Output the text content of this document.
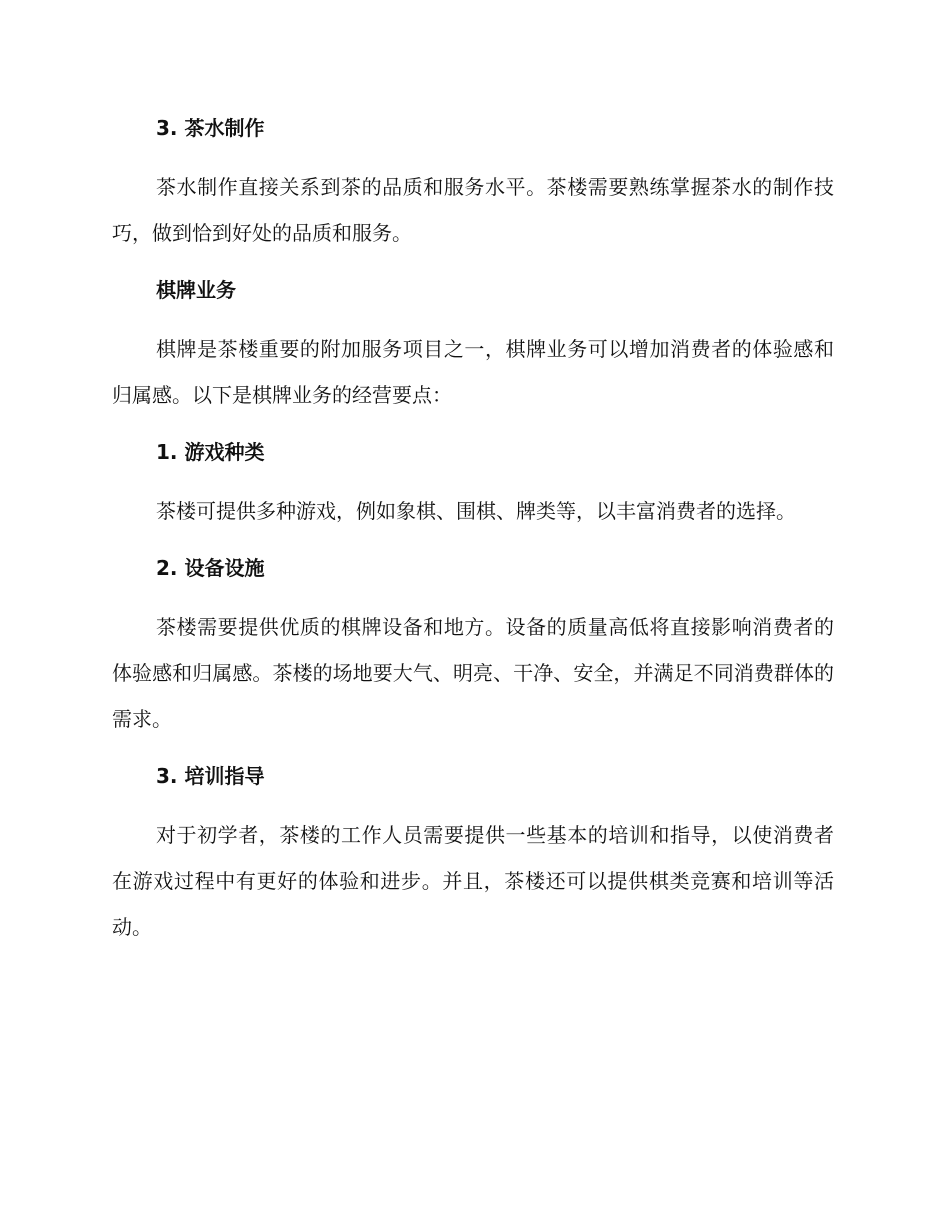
3. 茶水制作

茶水制作直接关系到茶的品质和服务水平。茶楼需要熟练掌握茶水的制作技巧，做到恰到好处的品质和服务。

棋牌业务

棋牌是茶楼重要的附加服务项目之一，棋牌业务可以增加消费者的体验感和归属感。以下是棋牌业务的经营要点：

1. 游戏种类

茶楼可提供多种游戏，例如象棋、围棋、牌类等，以丰富消费者的选择。

2. 设备设施

茶楼需要提供优质的棋牌设备和地方。设备的质量高低将直接影响消费者的体验感和归属感。茶楼的场地要大气、明亮、干净、安全，并满足不同消费群体的需求。

3. 培训指导

对于初学者，茶楼的工作人员需要提供一些基本的培训和指导，以使消费者在游戏过程中有更好的体验和进步。并且，茶楼还可以提供棋类竞赛和培训等活动。
